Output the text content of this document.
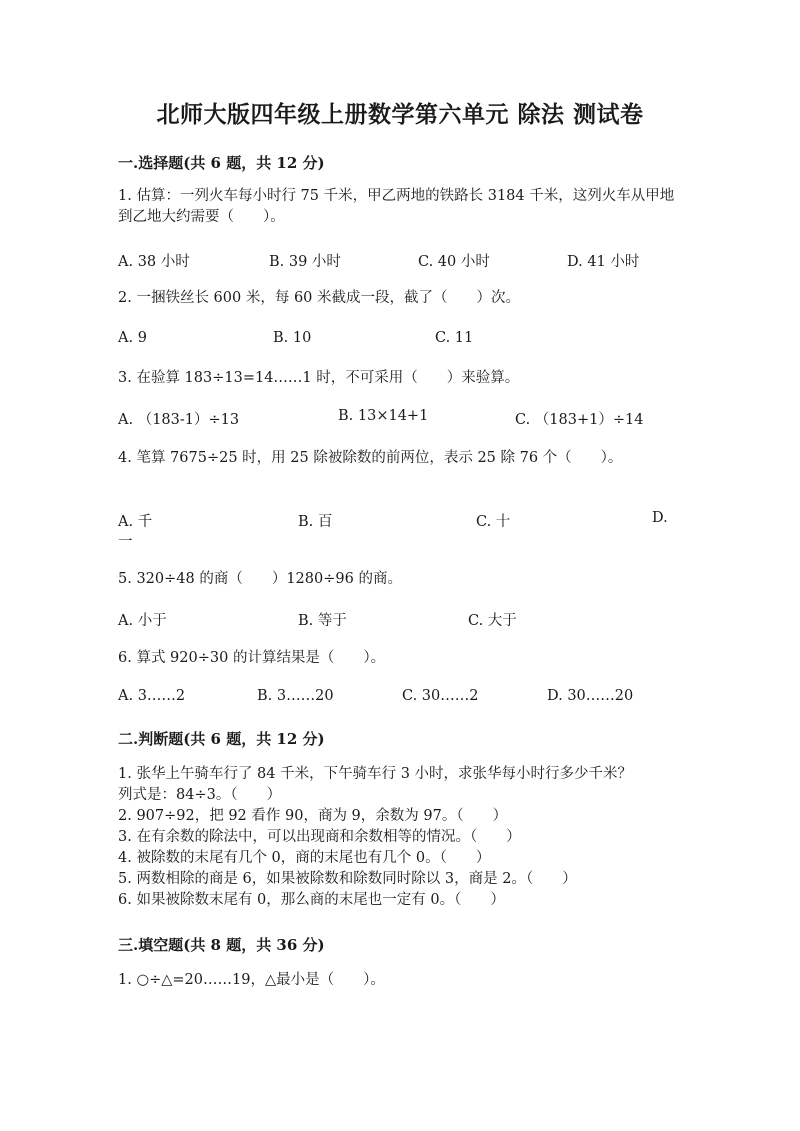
北师大版四年级上册数学第六单元 除法 测试卷
一.选择题(共 6 题，共 12 分)
1. 估算：一列火车每小时行 75 千米，甲乙两地的铁路长 3184 千米，这列火车从甲地到乙地大约需要（　　）。
A. 38 小时	B. 39 小时	C. 40 小时	D. 41 小时
2. 一捆铁丝长 600 米，每 60 米截成一段，截了（　　）次。
A. 9	B. 10	C. 11
3. 在验算 183÷13=14……1 时，不可采用（　　）来验算。
A. （183-1）÷13	B. 13×14+1	C. （183+1）÷14
4. 笔算 7675÷25 时，用 25 除被除数的前两位，表示 25 除 76 个（　　）。
A. 千	B. 百	C. 十	D.
一
5. 320÷48 的商（　　）1280÷96 的商。
A. 小于	B. 等于	C. 大于
6. 算式 920÷30 的计算结果是（　　）。
A. 3……2	B. 3……20	C. 30……2	D. 30……20
二.判断题(共 6 题，共 12 分)
1. 张华上午骑车行了 84 千米，下午骑车行 3 小时，求张华每小时行多少千米？
列式是：84÷3。（　　）
2. 907÷92，把 92 看作 90，商为 9，余数为 97。（　　）
3. 在有余数的除法中，可以出现商和余数相等的情况。（　　）
4. 被除数的末尾有几个 0，商的末尾也有几个 0。（　　）
5. 两数相除的商是 6，如果被除数和除数同时除以 3，商是 2。（　　）
6. 如果被除数末尾有 0，那么商的末尾也一定有 0。（　　）
三.填空题(共 8 题，共 36 分)
1. ○÷△=20……19，△最小是（　　）。
